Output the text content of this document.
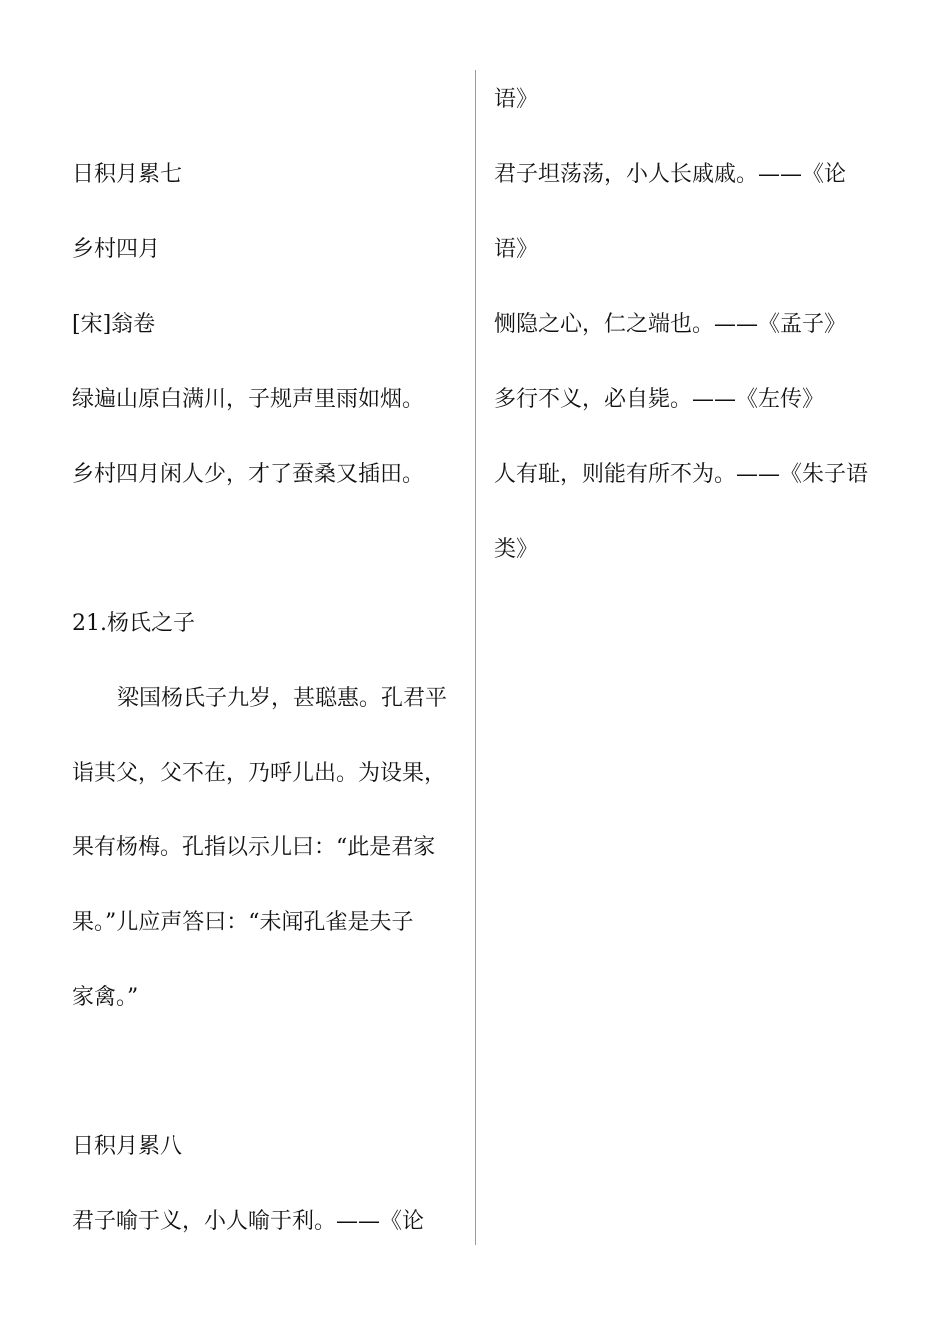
日积月累七
乡村四月
[宋]翁卷
绿遍山原白满川，子规声里雨如烟。
乡村四月闲人少，才了蚕桑又插田。
21.杨氏之子
梁国杨氏子九岁，甚聪惠。孔君平
诣其父，父不在，乃呼儿出。为设果，
果有杨梅。孔指以示儿曰：“此是君家
果。”儿应声答曰：“未闻孔雀是夫子
家禽。”
日积月累八
君子喻于义，小人喻于利。——《论
语》
君子坦荡荡，小人长戚戚。——《论
语》
恻隐之心，仁之端也。——《孟子》
多行不义，必自毙。——《左传》
人有耻，则能有所不为。——《朱子语
类》
